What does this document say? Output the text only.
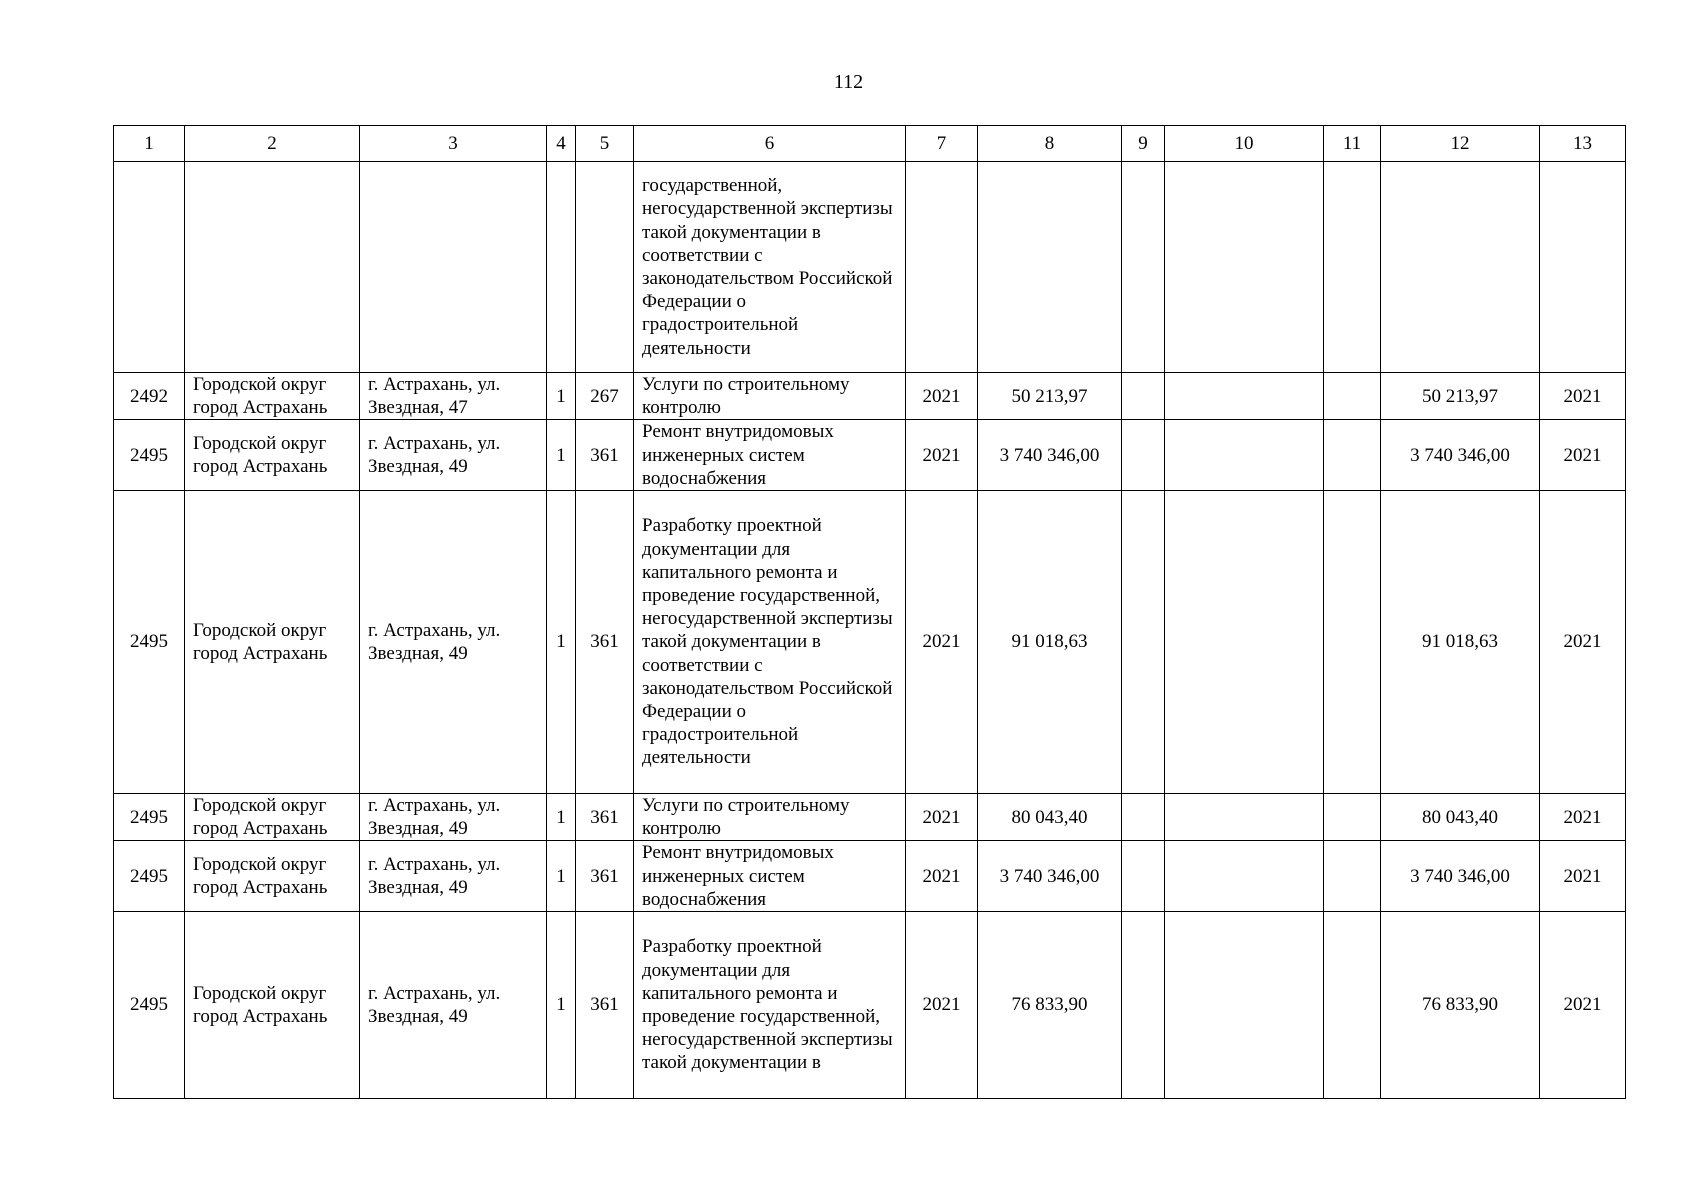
112
1	2	3	4	5	6	7	8	9	10	11	12	13
					государственной, негосударственной экспертизы такой документации в соответствии с законодательством Российской Федерации о градостроительной деятельности							
2492	Городской округ город Астрахань	г. Астрахань, ул. Звездная, 47	1	267	Услуги по строительному контролю	2021	50 213,97				50 213,97	2021
2495	Городской округ город Астрахань	г. Астрахань, ул. Звездная, 49	1	361	Ремонт внутридомовых инженерных систем водоснабжения	2021	3 740 346,00				3 740 346,00	2021
2495	Городской округ город Астрахань	г. Астрахань, ул. Звездная, 49	1	361	Разработку проектной документации для капитального ремонта и проведение государственной, негосударственной экспертизы такой документации в соответствии с законодательством Российской Федерации о градостроительной деятельности	2021	91 018,63				91 018,63	2021
2495	Городской округ город Астрахань	г. Астрахань, ул. Звездная, 49	1	361	Услуги по строительному контролю	2021	80 043,40				80 043,40	2021
2495	Городской округ город Астрахань	г. Астрахань, ул. Звездная, 49	1	361	Ремонт внутридомовых инженерных систем водоснабжения	2021	3 740 346,00				3 740 346,00	2021
2495	Городской округ город Астрахань	г. Астрахань, ул. Звездная, 49	1	361	Разработку проектной документации для капитального ремонта и проведение государственной, негосударственной экспертизы такой документации в	2021	76 833,90				76 833,90	2021
